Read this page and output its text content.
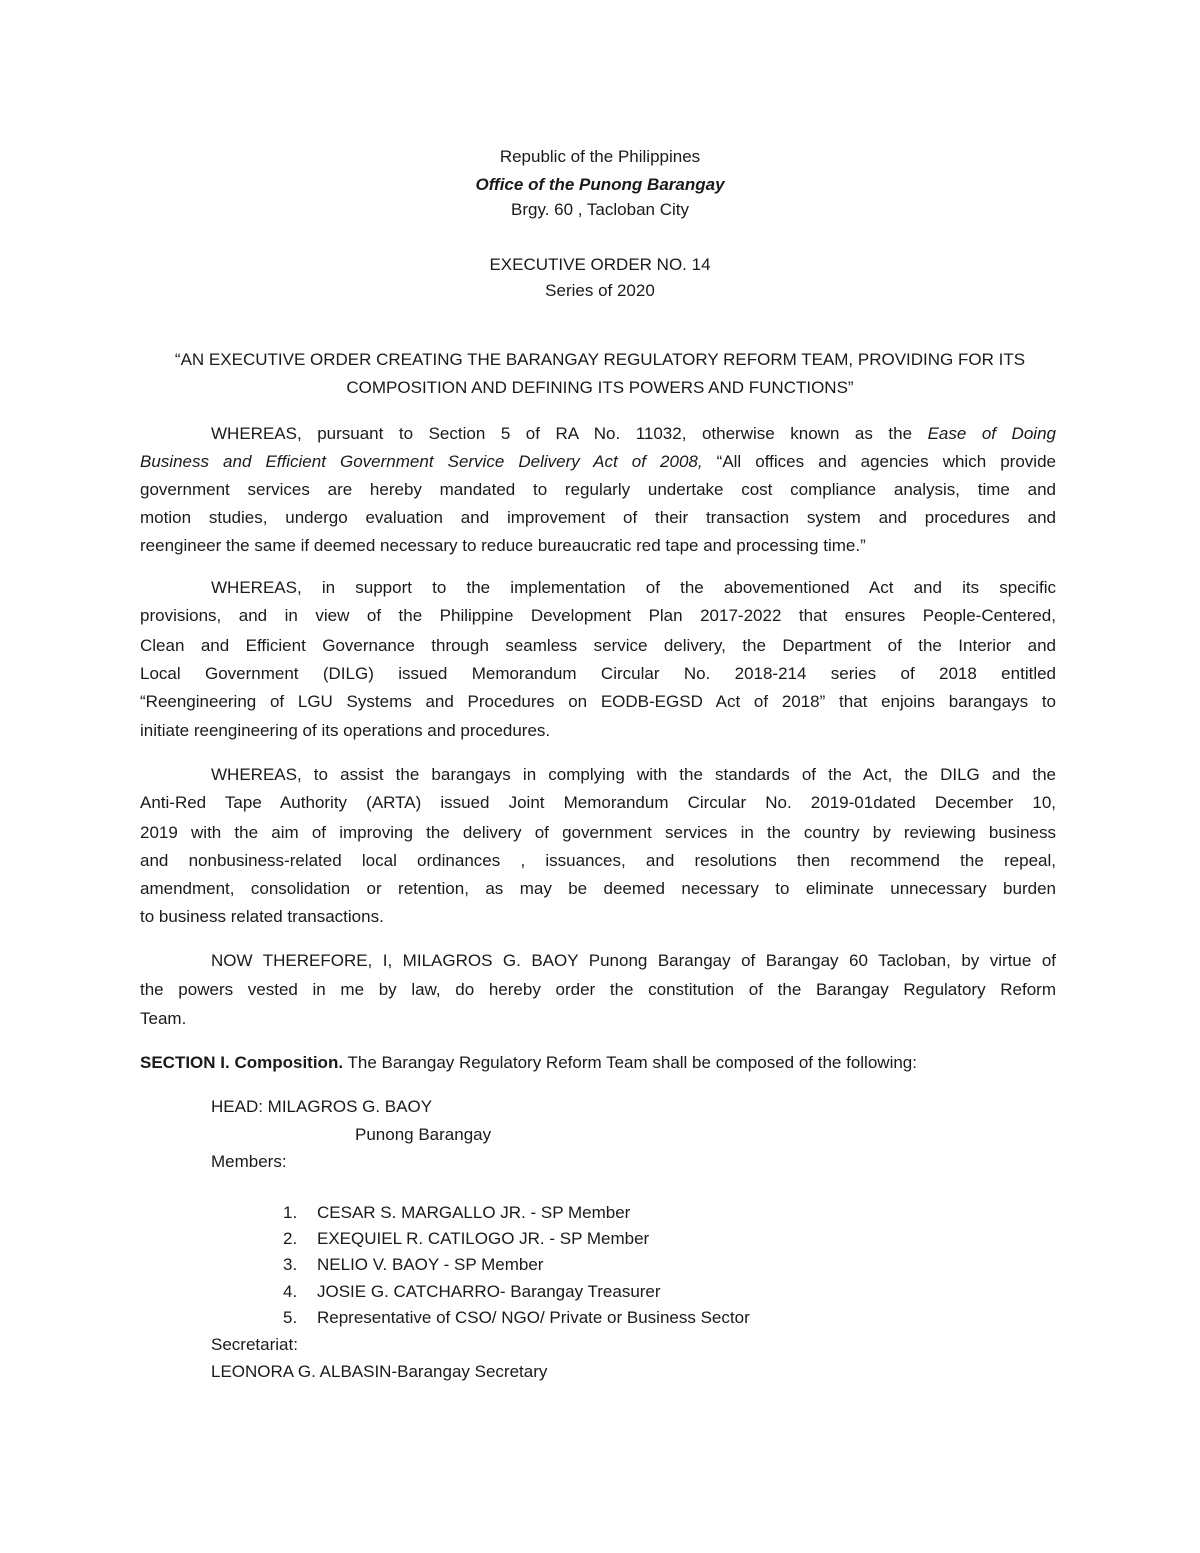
Republic of the Philippines

Office of the Punong Barangay

Brgy. 60 , Tacloban City

EXECUTIVE ORDER NO. 14

Series of 2020

“AN EXECUTIVE ORDER CREATING THE BARANGAY REGULATORY REFORM TEAM, PROVIDING FOR ITS

COMPOSITION AND DEFINING ITS POWERS AND FUNCTIONS”

WHEREAS, pursuant to Section 5 of RA No. 11032, otherwise known as the Ease of Doing

Business and Efficient Government Service Delivery Act of 2008, “All offices and agencies which provide

government services are hereby mandated to regularly undertake cost compliance analysis, time and

motion studies, undergo evaluation and improvement of their transaction system and procedures and

reengineer the same if deemed necessary to reduce bureaucratic red tape and processing time.”

WHEREAS, in support to the implementation of the abovementioned Act and its specific

provisions, and in view of the Philippine Development Plan 2017-2022 that ensures People-Centered,

Clean and Efficient Governance through seamless service delivery, the Department of the Interior and

Local Government (DILG) issued Memorandum Circular No. 2018-214 series of 2018 entitled

“Reengineering of LGU Systems and Procedures on EODB-EGSD Act of 2018” that enjoins barangays to

initiate reengineering of its operations and procedures.

WHEREAS, to assist the barangays in complying with the standards of the Act, the DILG and the

Anti-Red Tape Authority (ARTA) issued Joint Memorandum Circular No. 2019-01dated December 10,

2019 with the aim of improving the delivery of government services in the country by reviewing business

and nonbusiness-related local ordinances , issuances, and resolutions then recommend the repeal,

amendment, consolidation or retention, as may be deemed necessary to eliminate unnecessary burden

to business related transactions.

NOW THEREFORE, I, MILAGROS G. BAOY Punong Barangay of Barangay 60 Tacloban, by virtue of

the powers vested in me by law, do hereby order the constitution of the Barangay Regulatory Reform

Team.

SECTION I. Composition. The Barangay Regulatory Reform Team shall be composed of the following:

HEAD: MILAGROS G. BAOY

Punong Barangay

Members:

1. CESAR S. MARGALLO JR. - SP Member
2. EXEQUIEL R. CATILOGO JR. - SP Member
3. NELIO V. BAOY - SP Member
4. JOSIE G. CATCHARRO- Barangay Treasurer
5. Representative of CSO/ NGO/ Private or Business Sector

Secretariat:

LEONORA G. ALBASIN-Barangay Secretary
